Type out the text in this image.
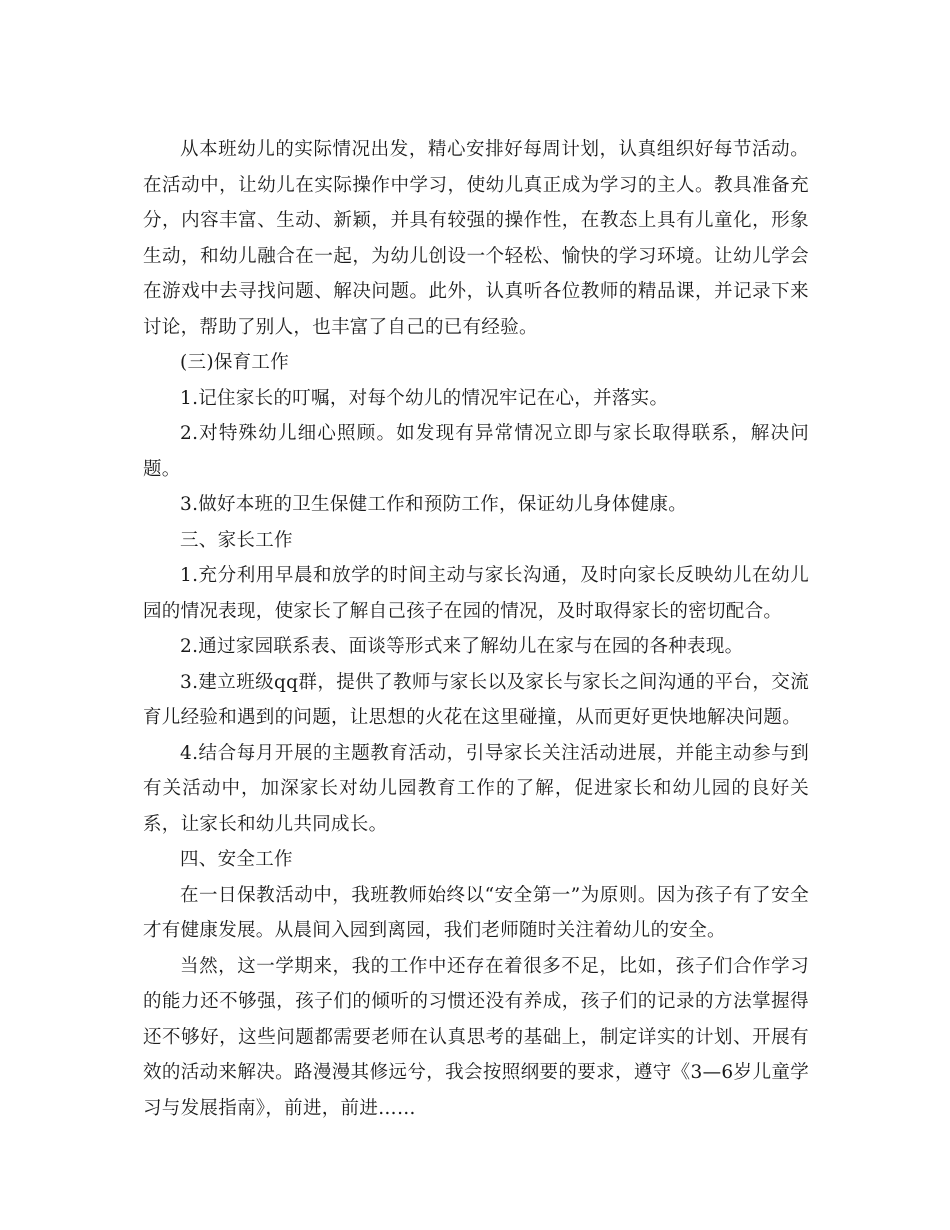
从本班幼儿的实际情况出发，精心安排好每周计划，认真组织好每节活动。在活动中，让幼儿在实际操作中学习，使幼儿真正成为学习的主人。教具准备充分，内容丰富、生动、新颖，并具有较强的操作性，在教态上具有儿童化，形象生动，和幼儿融合在一起，为幼儿创设一个轻松、愉快的学习环境。让幼儿学会在游戏中去寻找问题、解决问题。此外，认真听各位教师的精品课，并记录下来讨论，帮助了别人，也丰富了自己的已有经验。

(三)保育工作

1.记住家长的叮嘱，对每个幼儿的情况牢记在心，并落实。

2.对特殊幼儿细心照顾。如发现有异常情况立即与家长取得联系，解决问题。

3.做好本班的卫生保健工作和预防工作，保证幼儿身体健康。

三、家长工作

1.充分利用早晨和放学的时间主动与家长沟通，及时向家长反映幼儿在幼儿园的情况表现，使家长了解自己孩子在园的情况，及时取得家长的密切配合。

2.通过家园联系表、面谈等形式来了解幼儿在家与在园的各种表现。

3.建立班级qq群，提供了教师与家长以及家长与家长之间沟通的平台，交流育儿经验和遇到的问题，让思想的火花在这里碰撞，从而更好更快地解决问题。

4.结合每月开展的主题教育活动，引导家长关注活动进展，并能主动参与到有关活动中，加深家长对幼儿园教育工作的了解，促进家长和幼儿园的良好关系，让家长和幼儿共同成长。

四、安全工作

在一日保教活动中，我班教师始终以“安全第一”为原则。因为孩子有了安全才有健康发展。从晨间入园到离园，我们老师随时关注着幼儿的安全。

当然，这一学期来，我的工作中还存在着很多不足，比如，孩子们合作学习的能力还不够强，孩子们的倾听的习惯还没有养成，孩子们的记录的方法掌握得还不够好，这些问题都需要老师在认真思考的基础上，制定详实的计划、开展有效的活动来解决。路漫漫其修远兮，我会按照纲要的要求，遵守《3—6岁儿童学习与发展指南》，前进，前进……
